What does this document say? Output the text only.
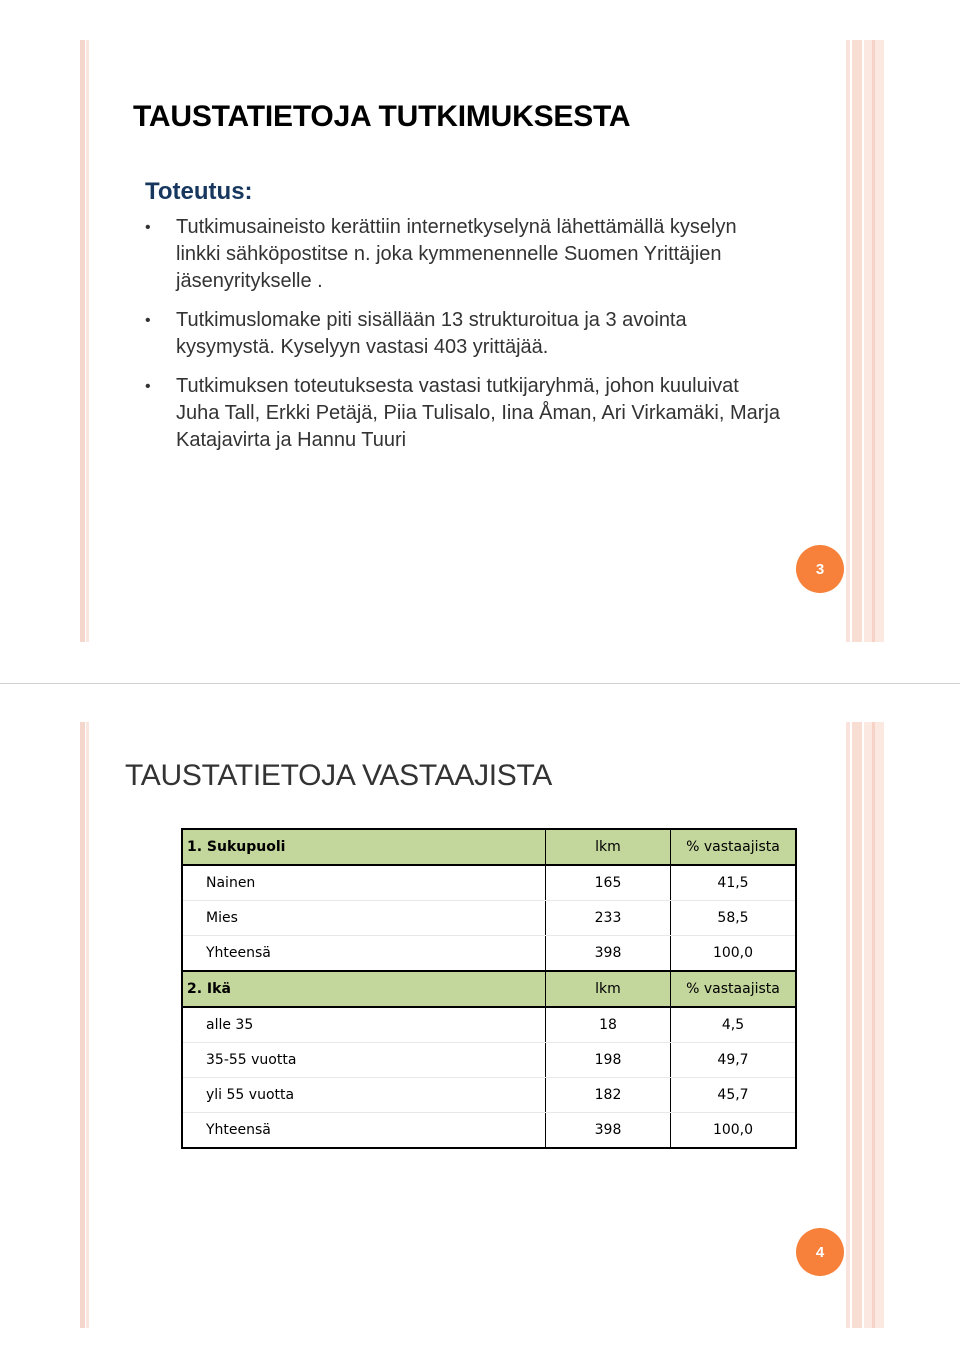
TAUSTATIETOJA TUTKIMUKSESTA
Toteutus:
• Tutkimusaineisto kerättiin internetkyselynä lähettämällä kyselyn linkki sähköpostitse n. joka kymmenennelle Suomen Yrittäjien jäsenyritykselle .
• Tutkimuslomake piti sisällään 13 strukturoitua ja 3 avointa kysymystä. Kyselyyn vastasi 403 yrittäjää.
• Tutkimuksen toteutuksesta vastasi tutkijaryhmä, johon kuuluivat Juha Tall, Erkki Petäjä, Piia Tulisalo, Iina Åman, Ari Virkamäki, Marja Katajavirta ja Hannu Tuuri
3
TAUSTATIETOJA VASTAAJISTA
1. Sukupuoli	lkm	% vastaajista
Nainen	165	41,5
Mies	233	58,5
Yhteensä	398	100,0
2. Ikä	lkm	% vastaajista
alle 35	18	4,5
35-55 vuotta	198	49,7
yli 55 vuotta	182	45,7
Yhteensä	398	100,0
4
